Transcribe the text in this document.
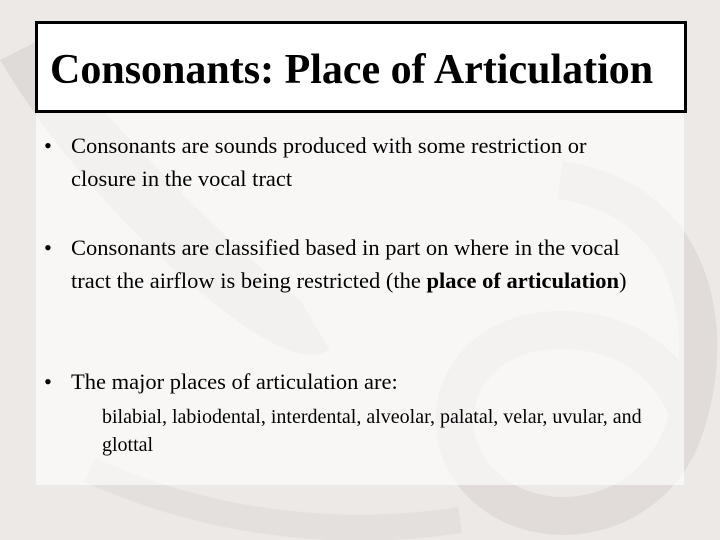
Consonants: Place of Articulation
• Consonants are sounds produced with some restriction or closure in the vocal tract
• Consonants are classified based in part on where in the vocal tract the airflow is being restricted (the place of articulation)
• The major places of articulation are:
bilabial, labiodental, interdental, alveolar, palatal, velar, uvular, and glottal
